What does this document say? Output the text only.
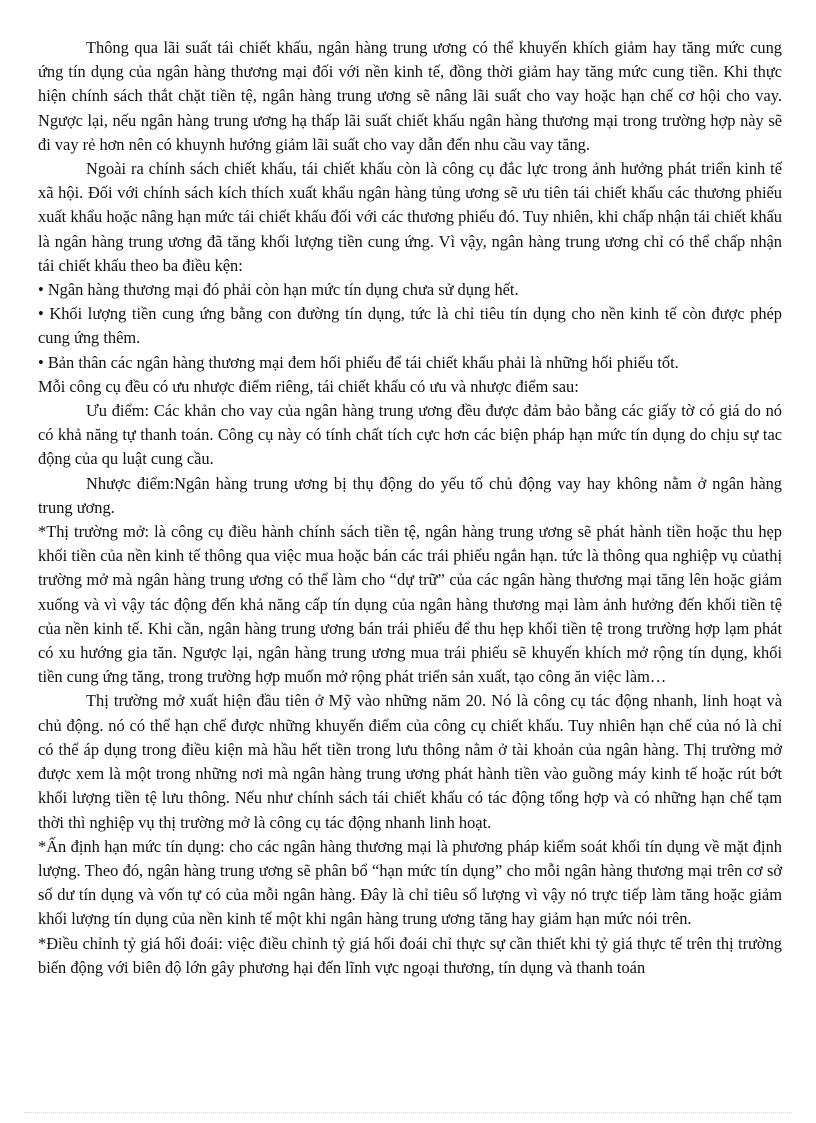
Thông qua lãi suất tái chiết khấu, ngân hàng trung ương có thể khuyến khích giảm hay tăng mức cung ứng tín dụng của ngân hàng thương mại đối với nền kinh tế, đồng thời giảm hay tăng mức cung tiền. Khi thực hiện chính sách thắt chặt tiền tệ, ngân hàng trung ương sẽ nâng lãi suất cho vay hoặc hạn chế cơ hội cho vay. Ngược lại, nếu ngân hàng trung ương hạ thấp lãi suất chiết khấu ngân hàng thương mại trong trường hợp này sẽ đi vay rẻ hơn nên có khuynh hướng giảm lãi suất cho vay dẫn đến nhu cầu vay tăng.

Ngoài ra chính sách chiết khấu, tái chiết khấu còn là công cụ đắc lực trong ảnh hưởng phát triển kinh tế xã hội. Đối với chính sách kích thích xuất khẩu ngân hàng tủng ương sẽ ưu tiên tái chiết khấu các thương phiếu xuất khẩu hoặc nâng hạn mức tái chiết khấu đối với các thương phiếu đó. Tuy nhiên, khi chấp nhận tái chiết khấu là ngân hàng trung ương đã tăng khối lượng tiền cung ứng. Vì vậy, ngân hàng trung ương chỉ có thể chấp nhận tái chiết khấu theo ba điều kện:

• Ngân hàng thương mại đó phải còn hạn mức tín dụng chưa sử dụng hết.

• Khối lượng tiền cung ứng bằng con đường tín dụng, tức là chỉ tiêu tín dụng cho nền kinh tế còn được phép cung ứng thêm.

• Bản thân các ngân hàng thương mại đem hối phiếu để tái chiết khấu phải là những hối phiếu tốt.

Mỗi công cụ đều có ưu nhược điểm riêng, tái chiết khấu có ưu và nhược điểm sau:

Ưu điểm: Các khản cho vay của ngân hàng trung ương đều được đảm bảo bằng các giấy tờ có giá do nó có khả năng tự thanh toán. Công cụ này có tính chất tích cực hơn các biện pháp hạn mức tín dụng do chịu sự tac động của qu luật cung cầu.

Nhược điểm:Ngân hàng trung ương bị thụ động do yếu tố chủ động vay hay không nằm ở ngân hàng trung ương.

*Thị trường mở: là công cụ điều hành chính sách tiền tệ, ngân hàng trung ương sẽ phát hành tiền hoặc thu hẹp khối tiền của nền kinh tế thông qua việc mua hoặc bán các trái phiếu ngắn hạn. tức là thông qua nghiệp vụ củathị trường mở mà ngân hàng trung ương có thể làm cho “dự trữ” của các ngân hàng thương mại tăng lên hoặc giảm xuống và vì vậy tác động đến khả năng cấp tín dụng của ngân hàng thương mại làm ảnh hưởng đến khối tiền tệ của nền kinh tế. Khi cần, ngân hàng trung ương bán trái phiếu để thu hẹp khối tiền tệ trong trường hợp lạm phát có xu hướng gia tăn. Ngược lại, ngân hàng trung ương mua trái phiếu sẽ khuyến khích mở rộng tín dụng, khối tiền cung ứng tăng, trong trường hợp muốn mở rộng phát triển sản xuất, tạo công ăn việc làm…

Thị trường mở xuất hiện đầu tiên ở Mỹ vào những năm 20. Nó là công cụ tác động nhanh, linh hoạt và chủ động. nó có thể hạn chế được những khuyến điểm của công cụ chiết khấu. Tuy nhiên hạn chế của nó là chỉ có thể áp dụng trong điều kiện mà hầu hết tiền trong lưu thông nằm ở tài khoản của ngân hàng. Thị trường mở được xem là một trong những nơi mà ngân hàng trung ương phát hành tiền vào guồng máy kinh tế hoặc rút bớt khối lượng tiền tệ lưu thông. Nếu như chính sách tái chiết khấu có tác động tổng hợp và có những hạn chế tạm thời thì nghiệp vụ thị trường mở là công cụ tác động nhanh linh hoạt.

*Ấn định hạn mức tín dụng: cho các ngân hàng thương mại là phương pháp kiểm soát khối tín dụng về mặt định lượng. Theo đó, ngân hàng trung ương sẽ phân bổ “hạn mức tín dụng” cho mỗi ngân hàng thương mại trên cơ sở số dư tín dụng và vốn tự có của mỗi ngân hàng. Đây là chỉ tiêu số lượng vì vậy nó trực tiếp làm tăng hoặc giảm khối lượng tín dụng của nền kinh tế một khi ngân hàng trung ương tăng hay giảm hạn mức nói trên.

*Điều chỉnh tỷ giá hối đoái: việc điều chỉnh tỷ giá hối đoái chỉ thực sự cần thiết khi tỷ giá thực tế trên thị trường biến động với biên độ lớn gây phương hại đến lĩnh vực ngoại thương, tín dụng và thanh toán
